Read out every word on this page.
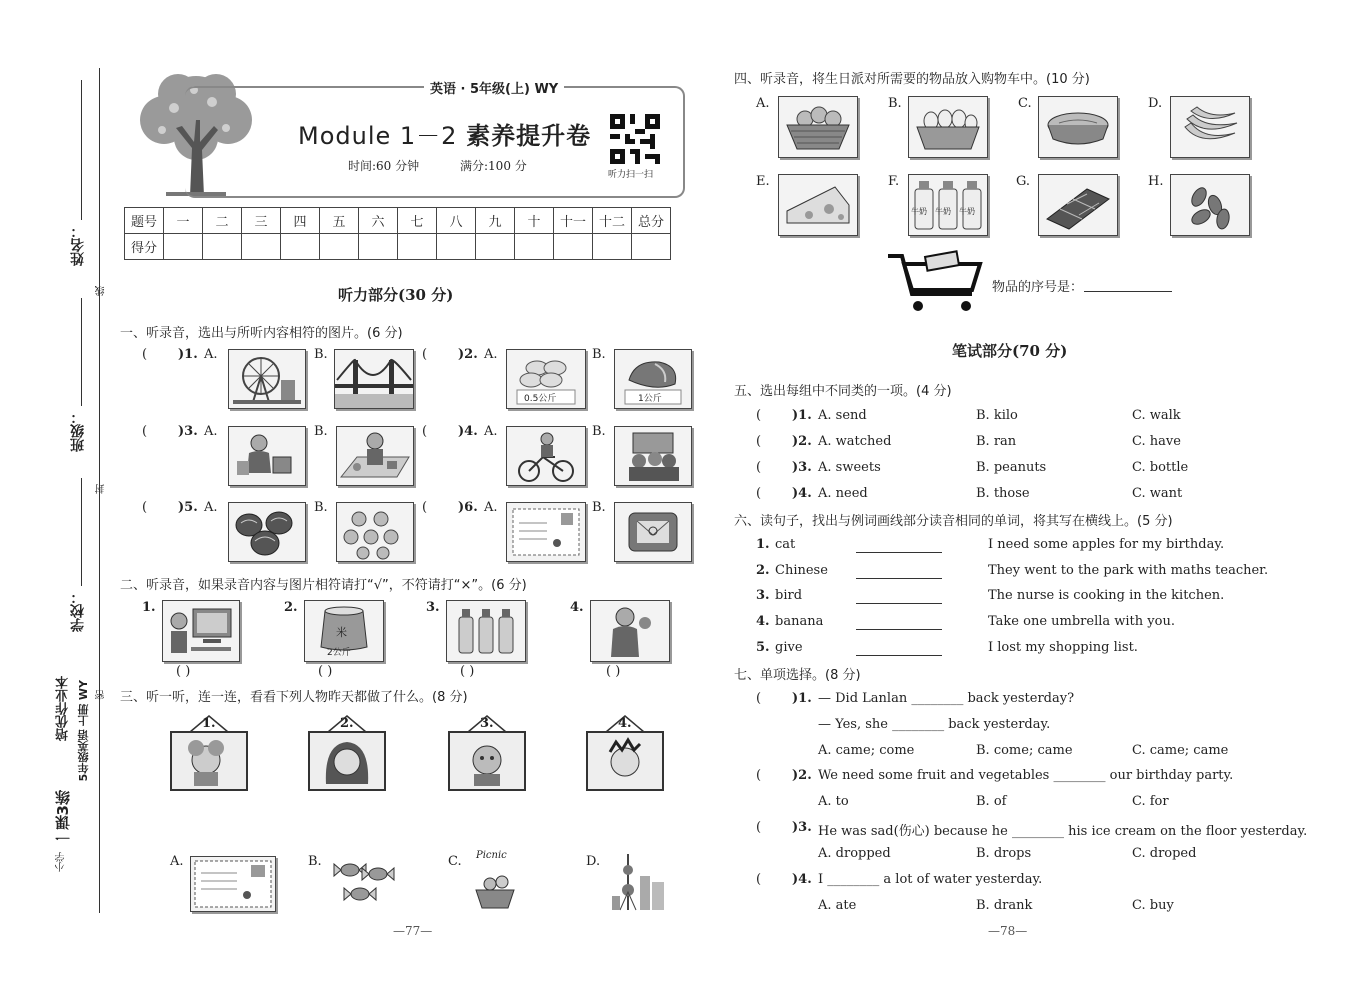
姓名：
班级：
学校：
线
封
密
一课3练
培优作业本 5年级英语 上册 WY
小学
英语 · 5年级(上) WY
Module 1－2 素养提升卷
时间:60 分钟	满分:100 分
听力扫一扫
题号	一	二	三	四	五	六	七	八	九	十	十一	十二	总分
得分													
听力部分(30 分)
一、听录音，选出与所听内容相符的图片。(6 分)
( )1. A.	B.	( )2. A.
0.5公斤
B.
1公斤
( )3. A.	B.	( )4. A.	B.
( )5. A.	B.	( )6. A.	B.
二、听录音，如果录音内容与图片相符请打“√”，不符请打“×”。(6 分)
1.
( )
2.
米
2公斤
( )
3.
( )
4.
( )
三、听一听，连一连，看看下列人物昨天都做了什么。(8 分)
1.	2.	3.	4.
A.	B.	C. Picnic	D.
—77—
四、听录音，将生日派对所需要的物品放入购物车中。(10 分)
A.	B.	C.	D.
E.	F.
牛奶 牛奶 牛奶
G.	H.
物品的序号是：
笔试部分(70 分)
五、选出每组中不同类的一项。(4 分)
( )1. A. send	B. kilo	C. walk
( )2. A. watched	B. ran	C. have
( )3. A. sweets	B. peanuts	C. bottle
( )4. A. need	B. those	C. want
六、读句子，找出与例词画线部分读音相同的单词，将其写在横线上。(5 分)
1. cat	I need some apples for my birthday.
2. Chinese	They went to the park with maths teacher.
3. bird	The nurse is cooking in the kitchen.
4. banana	Take one umbrella with you.
5. give	I lost my shopping list.
七、单项选择。(8 分)
( )1. — Did Lanlan ________ back yesterday?
— Yes, she ________ back yesterday.
A. came; come	B. come; came	C. came; came
( )2. We need some fruit and vegetables ________ our birthday party.
A. to	B. of	C. for
( )3. He was sad(伤心) because he ________ his ice cream on the floor yesterday.
A. dropped	B. drops	C. droped
( )4. I ________ a lot of water yesterday.
A. ate	B. drank	C. buy
—78—
